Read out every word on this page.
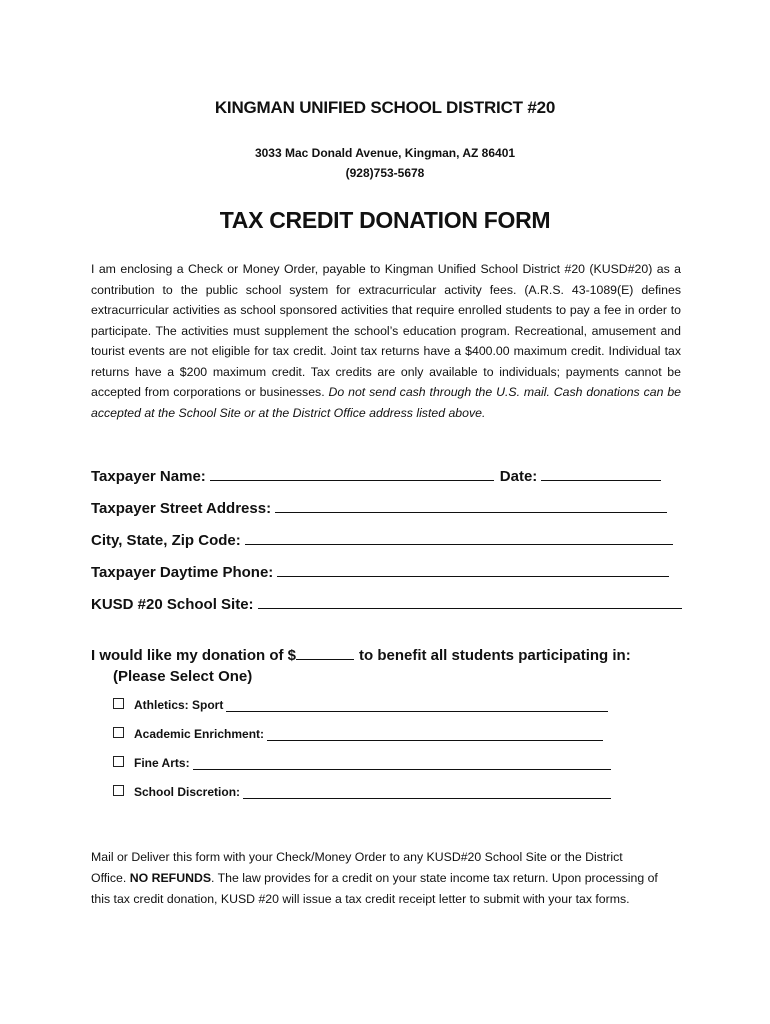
KINGMAN UNIFIED SCHOOL DISTRICT #20
3033 Mac Donald Avenue, Kingman, AZ 86401
(928)753-5678
TAX CREDIT DONATION FORM

I am enclosing a Check or Money Order, payable to Kingman Unified School District #20 (KUSD#20) as a contribution to the public school system for extracurricular activity fees. (A.R.S. 43-1089(E) defines extracurricular activities as school sponsored activities that require enrolled students to pay a fee in order to participate. The activities must supplement the school’s education program. Recreational, amusement and tourist events are not eligible for tax credit. Joint tax returns have a $400.00 maximum credit. Individual tax returns have a $200 maximum credit. Tax credits are only available to individuals; payments cannot be accepted from corporations or businesses. Do not send cash through the U.S. mail. Cash donations can be accepted at the School Site or at the District Office address listed above.

Taxpayer Name:	Date:
Taxpayer Street Address:
City, State, Zip Code:
Taxpayer Daytime Phone:
KUSD #20 School Site:
I would like my donation of $	to benefit all students participating in:
(Please Select One)
Athletics: Sport
Academic Enrichment:
Fine Arts:
School Discretion:

Mail or Deliver this form with your Check/Money Order to any KUSD#20 School Site or the District Office. NO REFUNDS. The law provides for a credit on your state income tax return. Upon processing of this tax credit donation, KUSD #20 will issue a tax credit receipt letter to submit with your tax forms.
